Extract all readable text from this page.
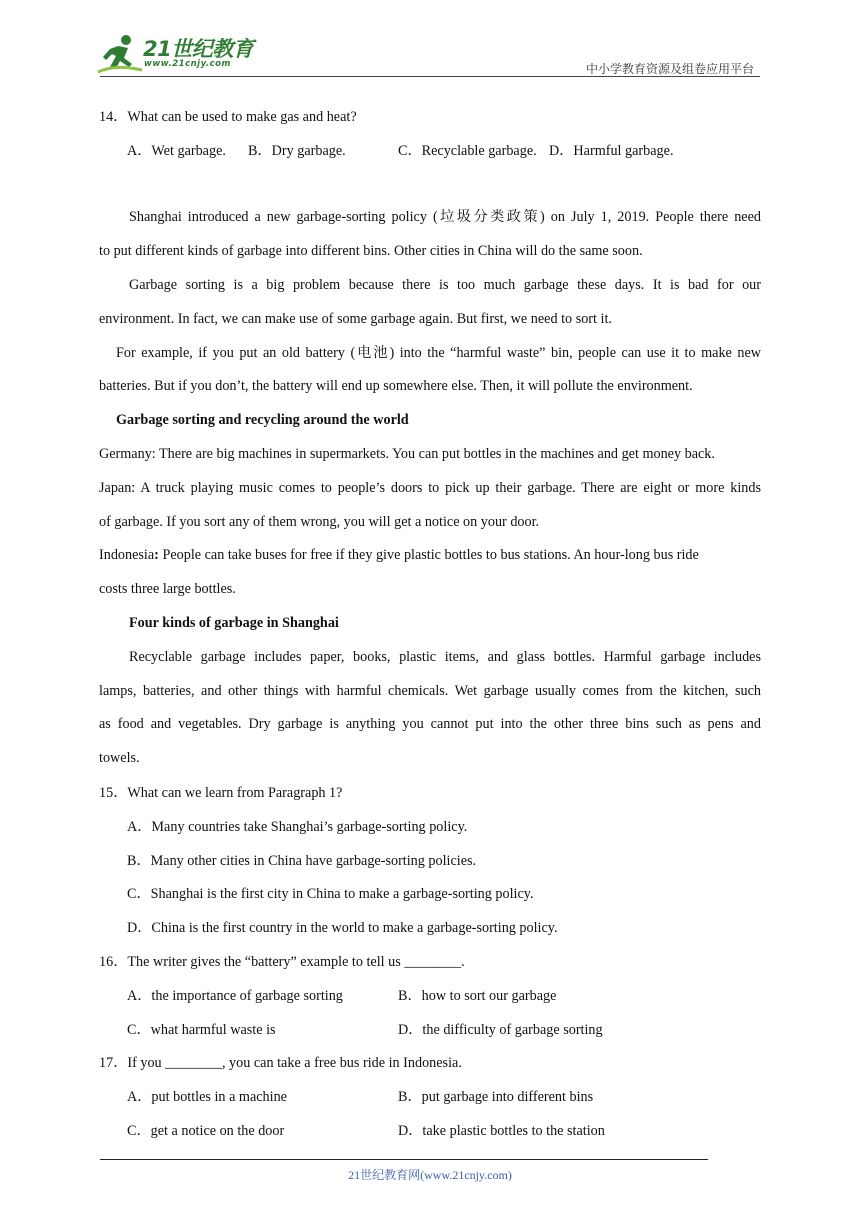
21世纪教育
www.21cnjy.com	中小学教育资源及组卷应用平台
14．What can be used to make gas and heat?
A．Wet garbage. B．Dry garbage.	C．Recyclable garbage. D．Harmful garbage.
Shanghai introduced a new garbage-sorting policy (垃圾分类政策) on July 1, 2019. People there need
to put different kinds of garbage into different bins. Other cities in China will do the same soon.
Garbage sorting is a big problem because there is too much garbage these days. It is bad for our
environment. In fact, we can make use of some garbage again. But first, we need to sort it.
For example, if you put an old battery (电池) into the “harmful waste” bin, people can use it to make new
batteries. But if you don’t, the battery will end up somewhere else. Then, it will pollute the environment.
Garbage sorting and recycling around the world
Germany: There are big machines in supermarkets. You can put bottles in the machines and get money back.
Japan: A truck playing music comes to people’s doors to pick up their garbage. There are eight or more kinds
of garbage. If you sort any of them wrong, you will get a notice on your door.
Indonesia: People can take buses for free if they give plastic bottles to bus stations. An hour-long bus ride
costs three large bottles.
Four kinds of garbage in Shanghai
Recyclable garbage includes paper, books, plastic items, and glass bottles. Harmful garbage includes
lamps, batteries, and other things with harmful chemicals. Wet garbage usually comes from the kitchen, such
as food and vegetables. Dry garbage is anything you cannot put into the other three bins such as pens and
towels.
15．What can we learn from Paragraph 1?
A．Many countries take Shanghai’s garbage-sorting policy.
B．Many other cities in China have garbage-sorting policies.
C．Shanghai is the first city in China to make a garbage-sorting policy.
D．China is the first country in the world to make a garbage-sorting policy.
16．The writer gives the “battery” example to tell us ________.
A．the importance of garbage sorting	B．how to sort our garbage
C．what harmful waste is	D．the difficulty of garbage sorting
17．If you ________, you can take a free bus ride in Indonesia.
A．put bottles in a machine	B．put garbage into different bins
C．get a notice on the door	D．take plastic bottles to the station
21世纪教育网(www.21cnjy.com)
